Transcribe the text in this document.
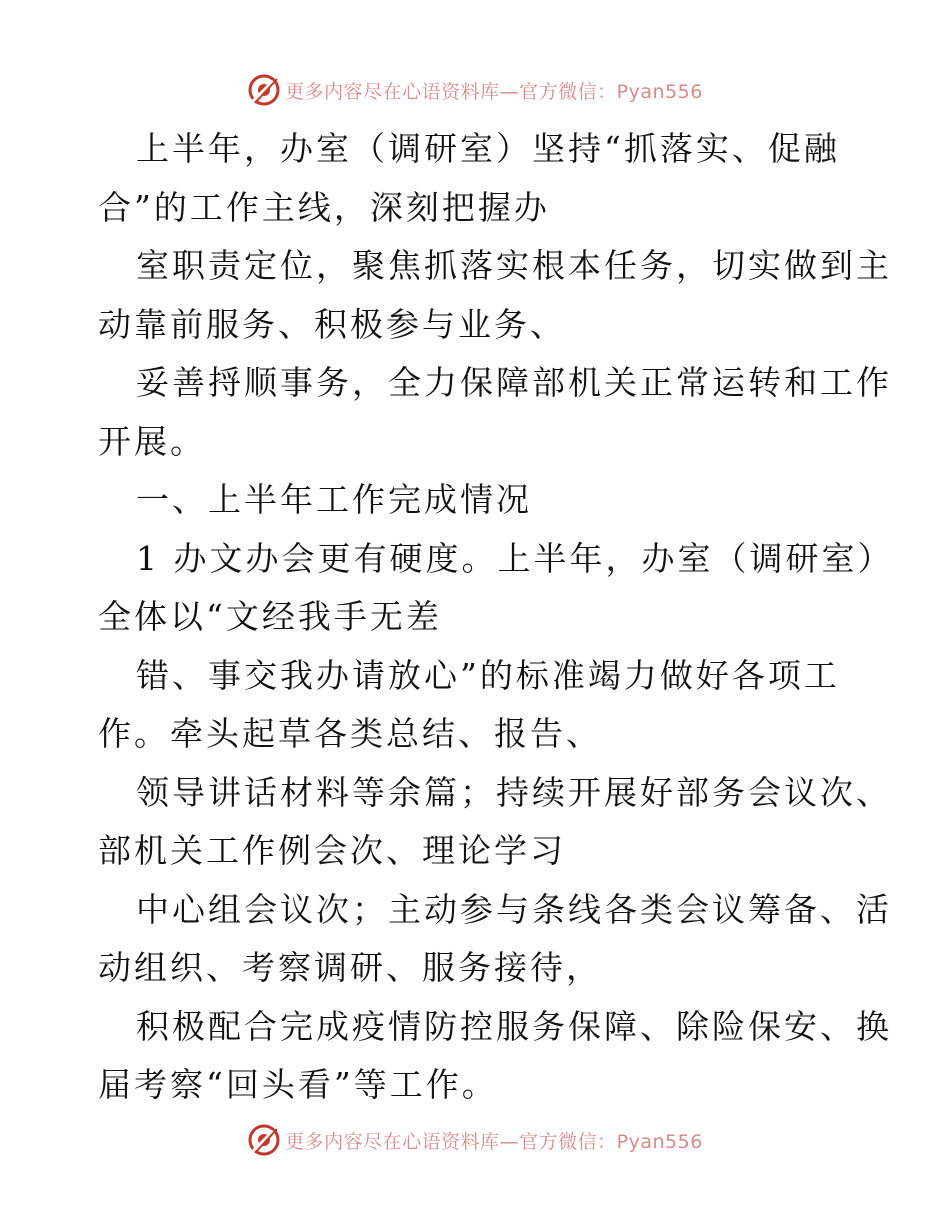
更多内容尽在心语资料库—官方微信：Pyan556
上半年，办室（调研室）坚持“抓落实、促融
合”的工作主线，深刻把握办
室职责定位，聚焦抓落实根本任务，切实做到主
动靠前服务、积极参与业务、
妥善捋顺事务，全力保障部机关正常运转和工作
开展。
一、上半年工作完成情况
1 办文办会更有硬度。上半年，办室（调研室）
全体以“文经我手无差
错、事交我办请放心”的标准竭力做好各项工
作。牵头起草各类总结、报告、
领导讲话材料等余篇；持续开展好部务会议次、
部机关工作例会次、理论学习
中心组会议次；主动参与条线各类会议筹备、活
动组织、考察调研、服务接待，
积极配合完成疫情防控服务保障、除险保安、换
届考察“回头看”等工作。
更多内容尽在心语资料库—官方微信：Pyan556
